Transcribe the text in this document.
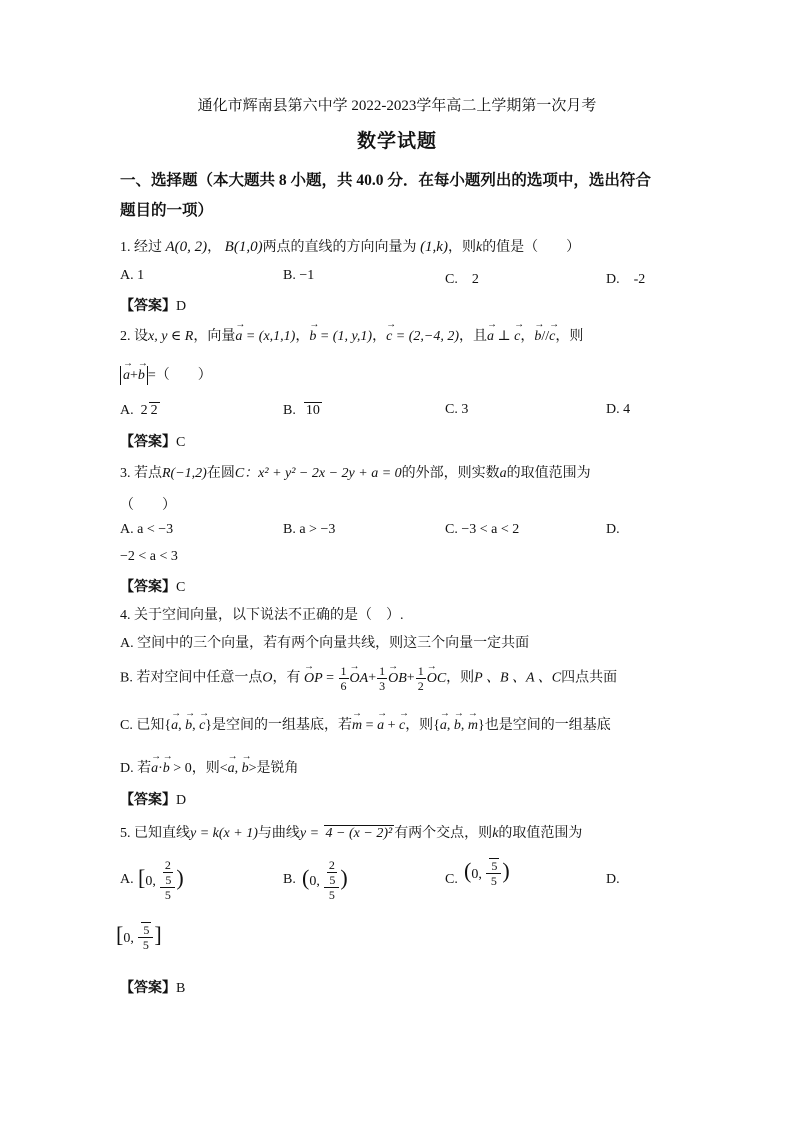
通化市辉南县第六中学 2022-2023学年高二上学期第一次月考
数学试题
一、选择题（本大题共 8 小题，共 40.0 分．在每小题列出的选项中，选出符合
题目的一项）
1. 经过 A(0, 2)， B(1,0)两点的直线的方向向量为 (1,k)，则k的值是（　　）
A. 1	B. −1	C.　2	D.　-2
【答案】D
2. 设x, y ∈ R，向量→ a = (x,1,1)，→ b = (1, y,1)，→ c = (2,−4, 2)，且→ a ⊥ → c，→ b//→ c，则
→ a+→ b =（　　）
A.  2 2	B.  10	C. 3	D. 4
【答案】C
3. 若点R(−1,2)在圆C：x² + y² − 2x − 2y + a = 0的外部，则实数a的取值范围为
（　　）
A. a < −3	B. a > −3	C. −3 < a < 2	D.
−2 < a < 3
【答案】C
4. 关于空间向量，以下说法不正确的是（　）.
A. 空间中的三个向量，若有两个向量共线，则这三个向量一定共面
B. 若对空间中任意一点O，有 → OP = $\frac{1}{6}$
→ $OA+ \frac{1}{3}$
→ $OB+ \frac{1}{2}$
→ OC，则P 、B 、A 、C四点共面
C. 已知{→ a, → b, → c}是空间的一组基底，若→ m = → a + → c，则{→ a, → b, → m}也是空间的一组基底
D. 若→ a·→ b > 0，则<→ a, → b>是锐角
【答案】D
5. 已知直线y = k(x + 1)与曲线y = 4 − (x − 2)² 有两个交点，则k的取值范围为
A. [0, 2
5
5 )	B. (0, 2
5
5 )	C. (0, $\frac{5}{5}$ )	D.
[0, $\frac{5}{5}$ ]
【答案】B
